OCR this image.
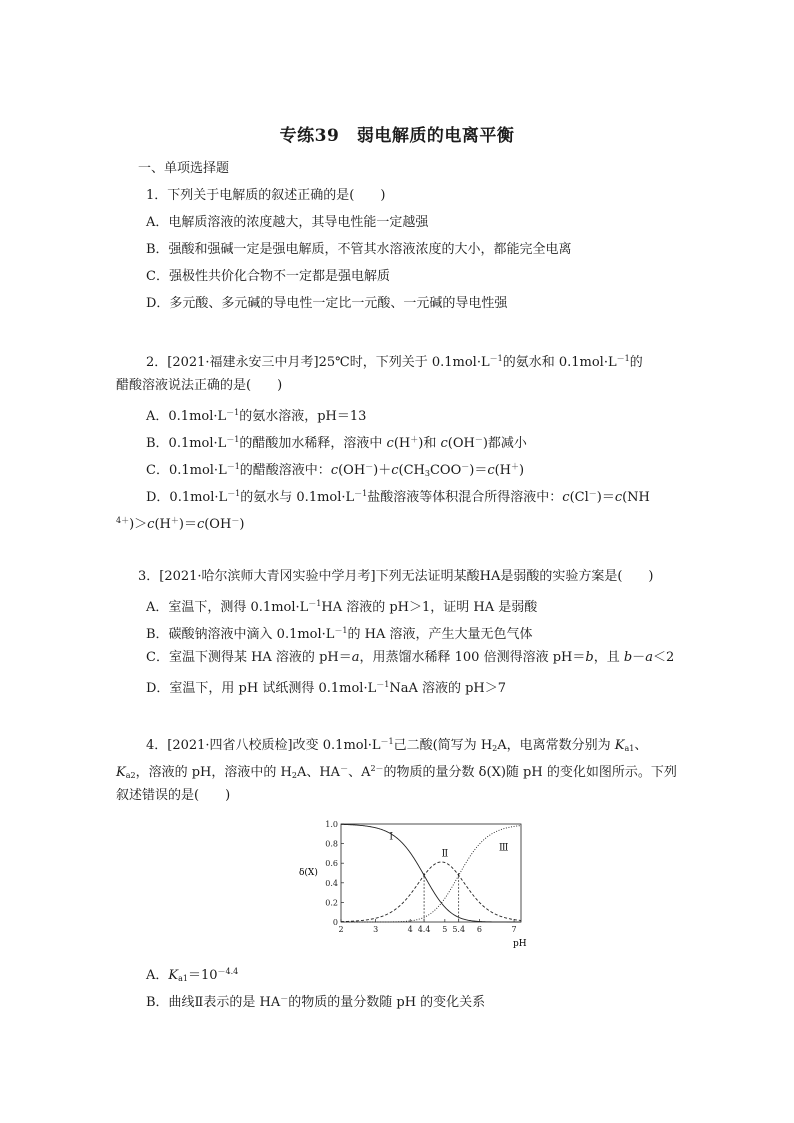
专练39　弱电解质的电离平衡
一、单项选择题
1．下列关于电解质的叙述正确的是(　　)
A．电解质溶液的浓度越大，其导电性能一定越强
B．强酸和强碱一定是强电解质，不管其水溶液浓度的大小，都能完全电离
C．强极性共价化合物不一定都是强电解质
D．多元酸、多元碱的导电性一定比一元酸、一元碱的导电性强
2．[2021·福建永安三中月考]25℃时，下列关于 $0.1mol\cdot L^{-1}$的氨水和 $0.1mol\cdot L^{-1}$的
醋酸溶液说法正确的是(　　)
A．$0.1mol\cdot L^{-1}$的氨水溶液，pH＝13
B．$0.1mol\cdot L^{-1}$的醋酸加水稀释，溶液中 c(H＋)和 c(OH－)都减小
C．$0.1mol\cdot L^{-1}$的醋酸溶液中：$c(OH^-)+c(CH_3COO^-)=c(H^+)$
D．$0.1mol\cdot L^{-1}$的氨水与 $0.1mol\cdot L^{-1}$盐酸溶液等体积混合所得溶液中：c(Cl－)＝c(NH
$^{4+}$)＞c(H＋)＝c(OH－)
3．[2021·哈尔滨师大青冈实验中学月考]下列无法证明某酸HA是弱酸的实验方案是(　　)
A．室温下，测得 $0.1mol\cdot L^{-1}HA$ 溶液的 pH＞1，证明 HA 是弱酸
B．碳酸钠溶液中滴入 $0.1mol\cdot L^{-1}$的 HA 溶液，产生大量无色气体
C．室温下测得某 HA 溶液的 pH＝a，用蒸馏水稀释 100 倍测得溶液 pH＝b，且 b－a＜2
D．室温下，用 pH 试纸测得 $0.1mol\cdot L^{-1}NaA$ 溶液的 pH＞7
4．[2021·四省八校质检]改变 $0.1mol\cdot L^{-1}$己二酸(简写为 $H_2A$，电离常数分别为 $K_{a1}$、
$K_{a2}$，溶液的 pH，溶液中的 $H_2A$、HA－、$A^{2-}$的物质的量分数 δ(X)随 pH 的变化如图所示。下列
叙述错误的是(　　)
δ(X)
pH
0
0.2
0.4
0.6
0.8
1.0
2	3	4 4.4 5 5.4 6	7
Ⅰ
Ⅱ
Ⅲ
A．$K_{a1}=10^{-4.4}$
B．曲线Ⅱ表示的是 HA－的物质的量分数随 pH 的变化关系
